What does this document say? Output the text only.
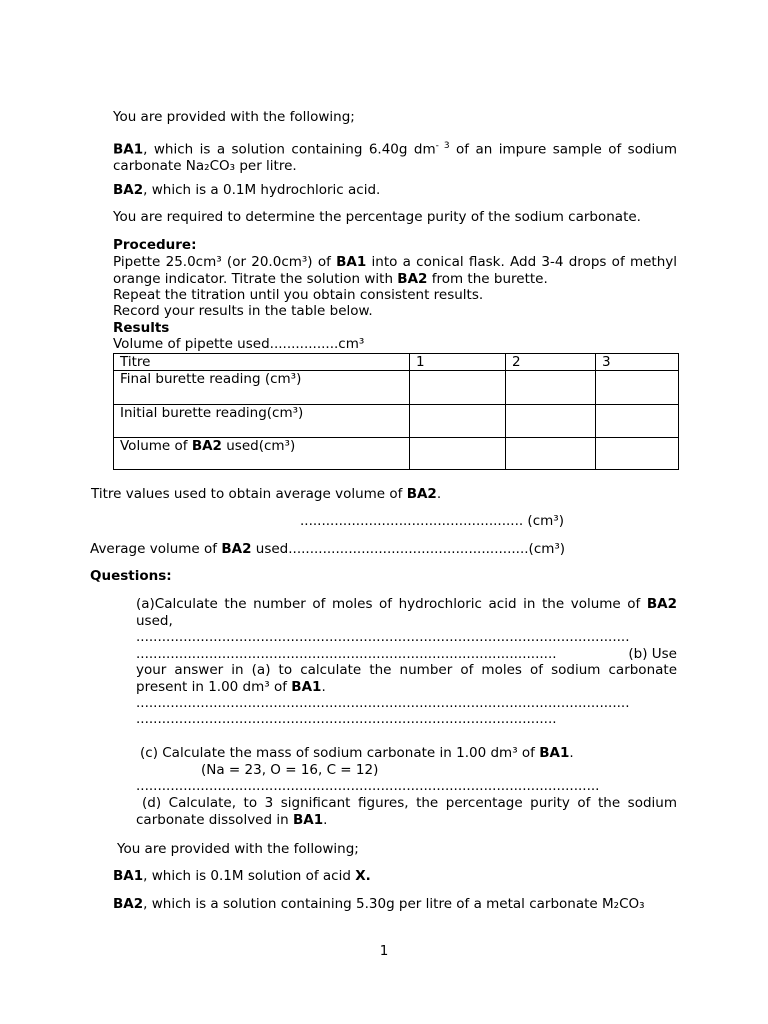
You are provided with the following;
BA1, which is a solution containing 6.40g $dm^{- 3}$ of an impure sample of sodium carbonate Na₂CO₃ per litre.
BA2, which is a 0.1M hydrochloric acid.
You are required to determine the percentage purity of the sodium carbonate.
Procedure:
Pipette 25.0cm³ (or 20.0cm³) of BA1 into a conical flask. Add 3-4 drops of methyl orange indicator. Titrate the solution with BA2 from the burette.
Repeat the titration until you obtain consistent results.
Record your results in the table below.
Results
Volume of pipette used................cm³
Titre	1	2	3
Final burette reading (cm³)			
Initial burette reading(cm³)			
Volume of BA2 used(cm³)			
Titre values used to obtain average volume of BA2.
.................................................... (cm³)
Average volume of BA2 used........................................................(cm³)
Questions:
(a)Calculate the number of moles of hydrochloric acid in the volume of BA2 used,
...................................................................................................................
..................................................................................................	(b) Use
your answer in (a) to calculate the number of moles of sodium carbonate present in 1.00 dm³ of BA1.
...................................................................................................................
..................................................................................................
(c) Calculate the mass of sodium carbonate in 1.00 dm³ of BA1.
(Na = 23, O = 16, C = 12)
............................................................................................................
(d) Calculate, to 3 significant figures, the percentage purity of the sodium carbonate dissolved in BA1.
You are provided with the following;
BA1, which is 0.1M solution of acid X.
BA2, which is a solution containing 5.30g per litre of a metal carbonate M₂CO₃
1
